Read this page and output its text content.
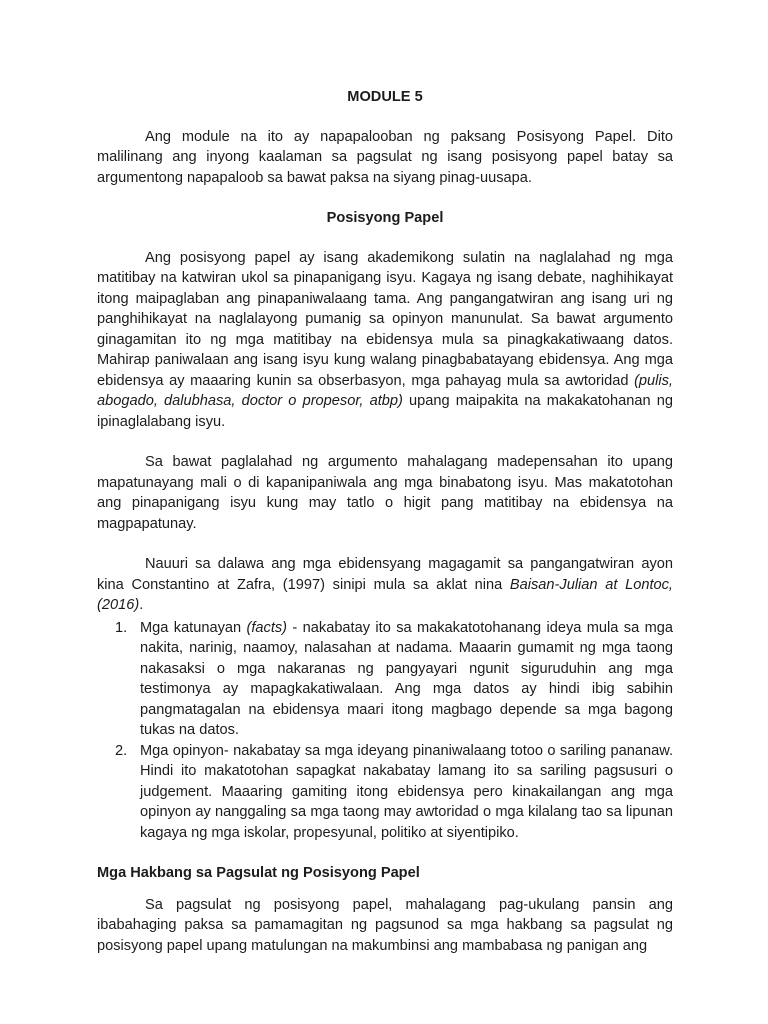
MODULE 5

Ang module na ito ay napapalooban ng paksang Posisyong Papel. Dito malilinang ang inyong kaalaman sa pagsulat ng isang posisyong papel batay sa argumentong napapaloob sa bawat paksa na siyang pinag-uusapa.

Posisyong Papel

Ang posisyong papel ay isang akademikong sulatin na naglalahad ng mga matitibay na katwiran ukol sa pinapanigang isyu. Kagaya ng isang debate, naghihikayat itong maipaglaban ang pinapaniwalaang tama. Ang pangangatwiran ang isang uri ng panghihikayat na naglalayong pumanig sa opinyon manunulat. Sa bawat argumento ginagamitan ito ng mga matitibay na ebidensya mula sa pinagkakatiwaang datos. Mahirap paniwalaan ang isang isyu kung walang pinagbabatayang ebidensya. Ang mga ebidensya ay maaaring kunin sa obserbasyon, mga pahayag mula sa awtoridad (pulis, abogado, dalubhasa, doctor o propesor, atbp) upang maipakita na makakatohanan ng ipinaglalabang isyu.

Sa bawat paglalahad ng argumento mahalagang madepensahan ito upang mapatunayang mali o di kapanipaniwala ang mga binabatong isyu. Mas makatotohan ang pinapanigang isyu kung may tatlo o higit pang matitibay na ebidensya na magpapatunay.

Nauuri sa dalawa ang mga ebidensyang magagamit sa pangangatwiran ayon kina Constantino at Zafra, (1997) sinipi mula sa aklat nina Baisan-Julian at Lontoc, (2016).

1. Mga katunayan (facts) - nakabatay ito sa makakatotohanang ideya mula sa mga nakita, narinig, naamoy, nalasahan at nadama. Maaarin gumamit ng mga taong nakasaksi o mga nakaranas ng pangyayari ngunit siguruduhin ang mga testimonya ay mapagkakatiwalaan. Ang mga datos ay hindi ibig sabihin pangmatagalan na ebidensya maari itong magbago depende sa mga bagong tukas na datos.
2. Mga opinyon- nakabatay sa mga ideyang pinaniwalaang totoo o sariling pananaw. Hindi ito makatotohan sapagkat nakabatay lamang ito sa sariling pagsusuri o judgement. Maaaring gamiting itong ebidensya pero kinakailangan ang mga opinyon ay nanggaling sa mga taong may awtoridad o mga kilalang tao sa lipunan kagaya ng mga iskolar, propesyunal, politiko at siyentipiko.
Mga Hakbang sa Pagsulat ng Posisyong Papel

Sa pagsulat ng posisyong papel, mahalagang pag-ukulang pansin ang ibabahaging paksa sa pamamagitan ng pagsunod sa mga hakbang sa pagsulat ng posisyong papel upang matulungan na makumbinsi ang mambabasa ng panigan ang
